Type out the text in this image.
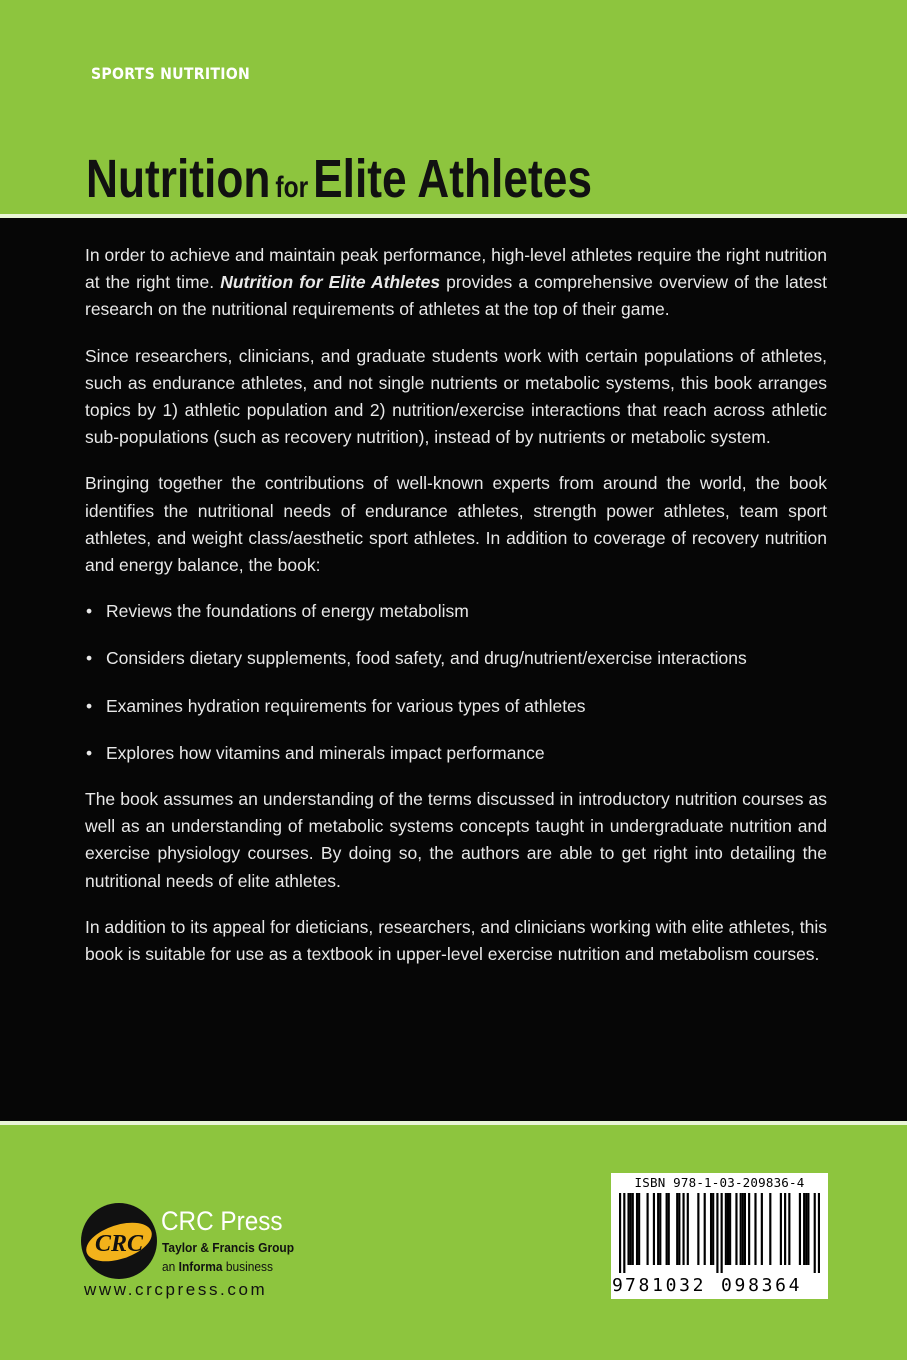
SPORTS NUTRITION
Nutrition forElite Athletes

In order to achieve and maintain peak performance, high-level athletes require the right nutrition at the right time. Nutrition for Elite Athletes provides a comprehensive overview of the latest research on the nutritional requirements of athletes at the top of their game.

Since researchers, clinicians, and graduate students work with certain populations of athletes, such as endurance athletes, and not single nutrients or metabolic systems, this book arranges topics by 1) athletic population and 2) nutrition/exercise interactions that reach across athletic sub-populations (such as recovery nutrition), instead of by nutrients or metabolic system.

Bringing together the contributions of well-known experts from around the world, the book identifies the nutritional needs of endurance athletes, strength power athletes, team sport athletes, and weight class/aesthetic sport athletes. In addition to coverage of recovery nutrition and energy balance, the book:

• Reviews the foundations of energy metabolism
• Considers dietary supplements, food safety, and drug/nutrient/exercise interactions
• Examines hydration requirements for various types of athletes
• Explores how vitamins and minerals impact performance

The book assumes an understanding of the terms discussed in introductory nutrition courses as well as an understanding of metabolic systems concepts taught in undergraduate nutrition and exercise physiology courses. By doing so, the authors are able to get right into detailing the nutritional needs of elite athletes.

In addition to its appeal for dieticians, researchers, and clinicians working with elite athletes, this book is suitable for use as a textbook in upper-level exercise nutrition and metabolism courses.

CRC
CRC Press
Taylor & Francis Group
an Informa business
www.crcpress.com
ISBN 978-1-03-209836-4
9 781032 098364
